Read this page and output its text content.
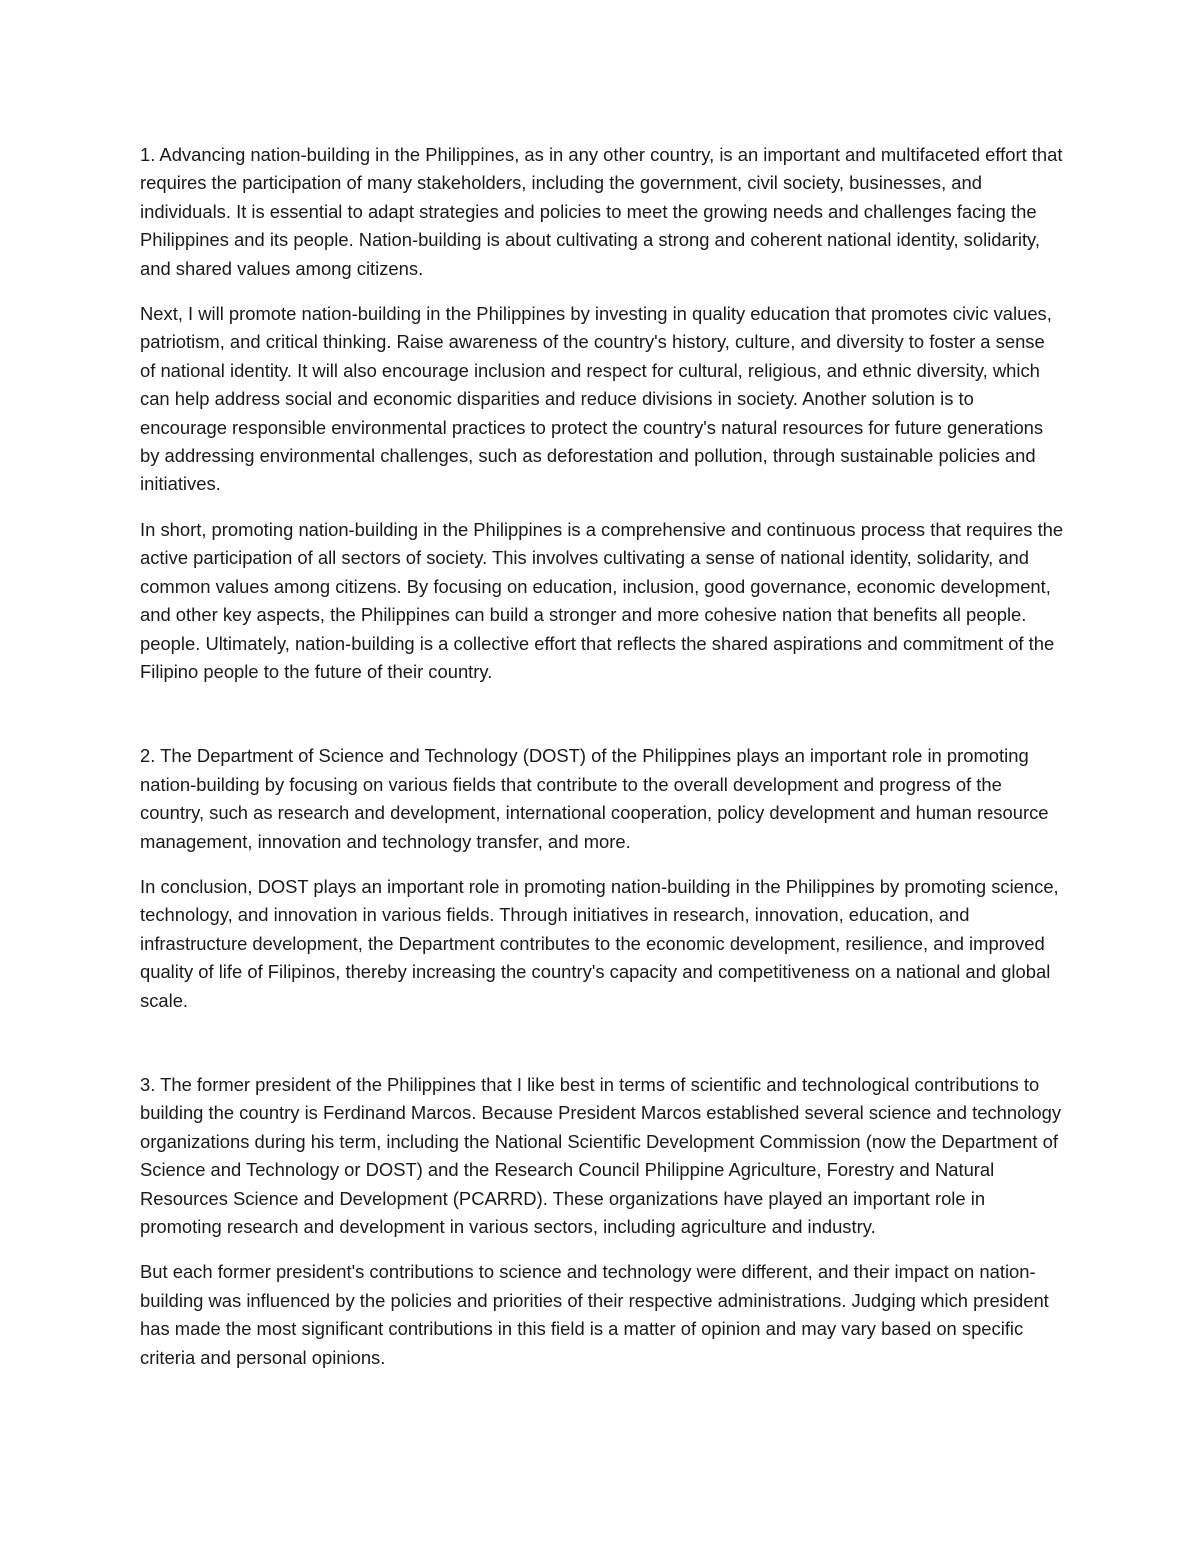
1. Advancing nation-building in the Philippines, as in any other country, is an important and multifaceted effort that requires the participation of many stakeholders, including the government, civil society, businesses, and individuals. It is essential to adapt strategies and policies to meet the growing needs and challenges facing the Philippines and its people. Nation-building is about cultivating a strong and coherent national identity, solidarity, and shared values among citizens.

Next, I will promote nation-building in the Philippines by investing in quality education that promotes civic values, patriotism, and critical thinking. Raise awareness of the country's history, culture, and diversity to foster a sense of national identity. It will also encourage inclusion and respect for cultural, religious, and ethnic diversity, which can help address social and economic disparities and reduce divisions in society. Another solution is to encourage responsible environmental practices to protect the country's natural resources for future generations by addressing environmental challenges, such as deforestation and pollution, through sustainable policies and initiatives.

In short, promoting nation-building in the Philippines is a comprehensive and continuous process that requires the active participation of all sectors of society. This involves cultivating a sense of national identity, solidarity, and common values among citizens. By focusing on education, inclusion, good governance, economic development, and other key aspects, the Philippines can build a stronger and more cohesive nation that benefits all people. people. Ultimately, nation-building is a collective effort that reflects the shared aspirations and commitment of the Filipino people to the future of their country.

2. The Department of Science and Technology (DOST) of the Philippines plays an important role in promoting nation-building by focusing on various fields that contribute to the overall development and progress of the country, such as research and development, international cooperation, policy development and human resource management, innovation and technology transfer, and more.

In conclusion, DOST plays an important role in promoting nation-building in the Philippines by promoting science, technology, and innovation in various fields. Through initiatives in research, innovation, education, and infrastructure development, the Department contributes to the economic development, resilience, and improved quality of life of Filipinos, thereby increasing the country's capacity and competitiveness on a national and global scale.

3. The former president of the Philippines that I like best in terms of scientific and technological contributions to building the country is Ferdinand Marcos. Because President Marcos established several science and technology organizations during his term, including the National Scientific Development Commission (now the Department of Science and Technology or DOST) and the Research Council Philippine Agriculture, Forestry and Natural Resources Science and Development (PCARRD). These organizations have played an important role in promoting research and development in various sectors, including agriculture and industry.

But each former president's contributions to science and technology were different, and their impact on nation-building was influenced by the policies and priorities of their respective administrations. Judging which president has made the most significant contributions in this field is a matter of opinion and may vary based on specific criteria and personal opinions.
